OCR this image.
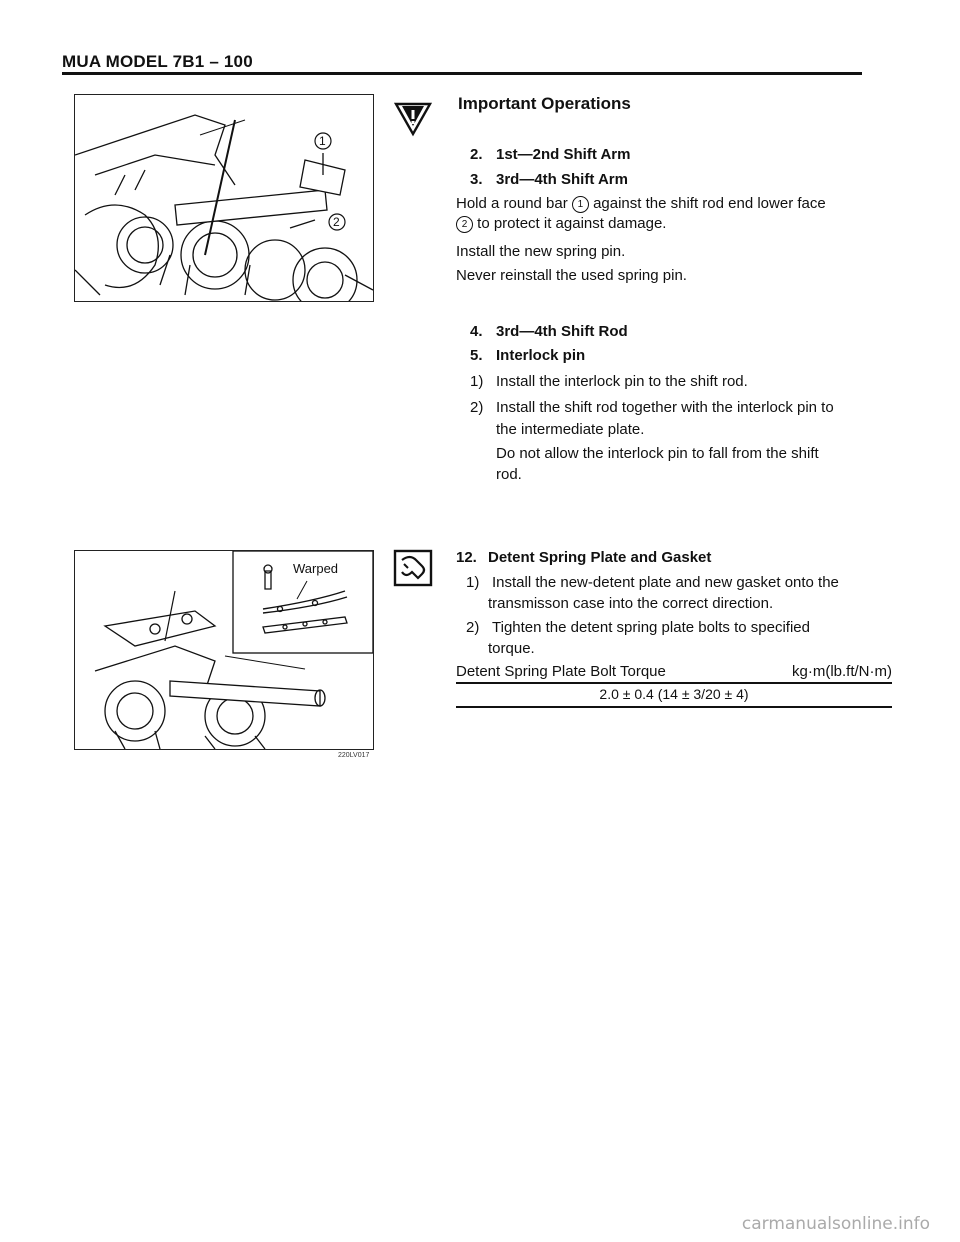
MUA MODEL 7B1 – 100
1
2
Important Operations
2. 1st—2nd Shift Arm
3. 3rd—4th Shift Arm
Hold a round bar 1 against the shift rod end lower face
2 to protect it against damage.
Install the new spring pin.
Never reinstall the used spring pin.
4. 3rd—4th Shift Rod
5. Interlock pin
1) Install the interlock pin to the shift rod.
2) Install the shift rod together with the interlock pin to
the intermediate plate.
Do not allow the interlock pin to fall from the shift
rod.
Warped
220LV017
12. Detent Spring Plate and Gasket
1) Install the new-detent plate and new gasket onto the
transmisson case into the correct direction.
2) Tighten the detent spring plate bolts to specified
torque.
Detent Spring Plate Bolt Torque	kg·m(lb.ft/N·m)
2.0 ± 0.4 (14 ± 3/20 ± 4)
carmanualsonline.info
